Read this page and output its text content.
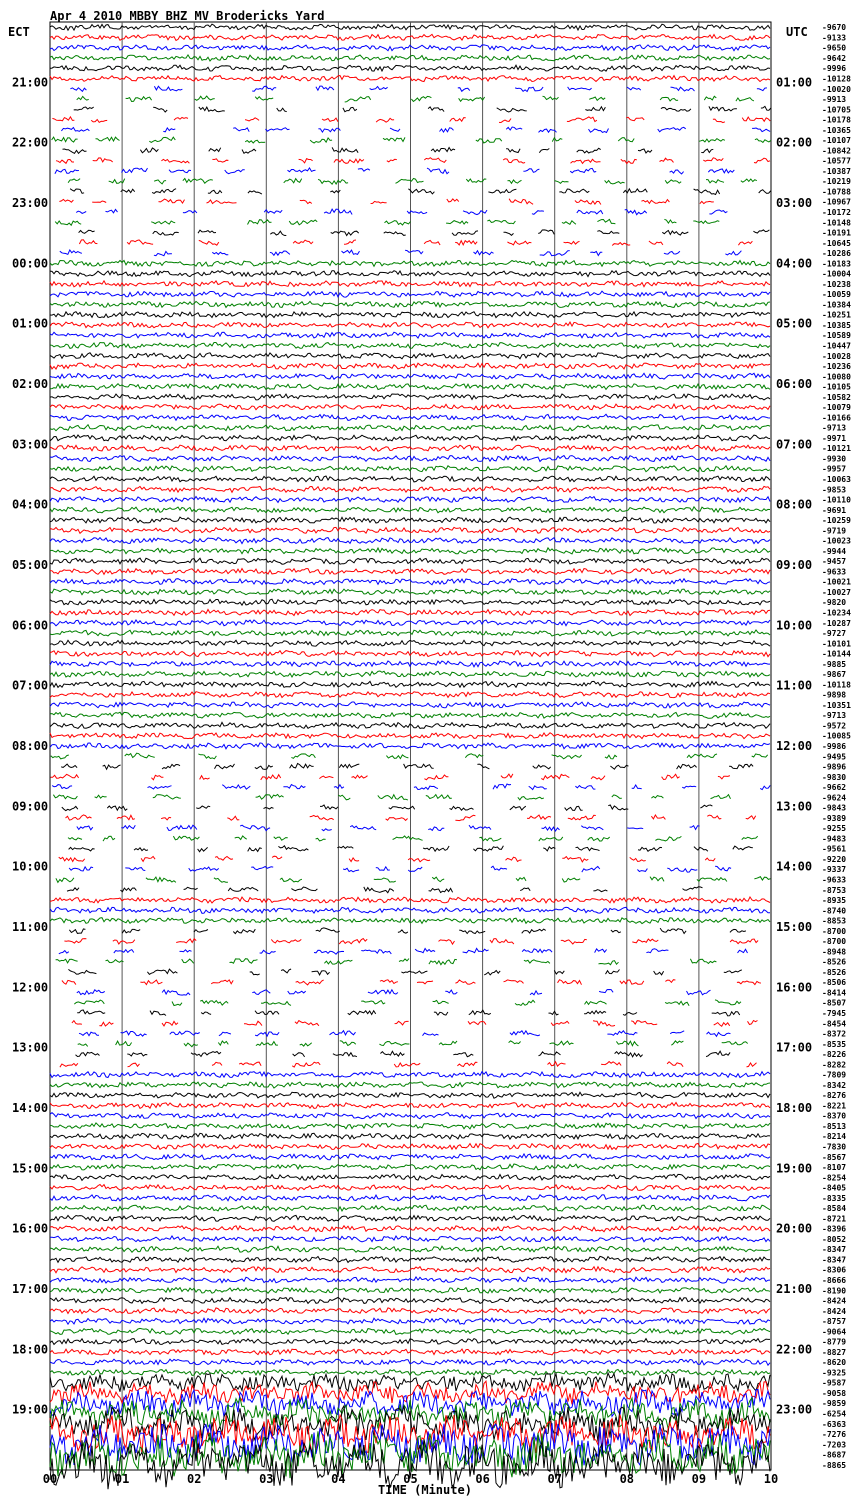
Apr 4 2010 MBBY BHZ MV Brodericks Yard
ECT	UTC
TIME (Minute)
-9670
-9133
-9650
-9642
-9996
-10128
-10020
-9913
-10705
-10178
-10365
-10107
-10842
-10577
-10387
-10219
-10788
-10967
-10172
-10148
-10191
-10645
-10286
-10183
-10004
-10238
-10059
-10384
-10251
-10385
-10589
-10447
-10028
-10236
-10080
-10105
-10582
-10079
-10166
-9713
-9971
-10121
-9930
-9957
-10063
-9853
-10110
-9691
-10259
-9719
-10023
-9944
-9457
-9633
-10021
-10027
-9820
-10234
-10287
-9727
-10101
-10144
-9885
-9867
-10118
-9898
-10351
-9713
-9572
-10085
-9986
-9495
-9896
-9830
-9662
-9624
-9843
-9389
-9255
-9483
-9561
-9220
-9337
-9633
-8753
-8935
-8740
-8853
-8700
-8700
-8948
-8526
-8526
-8506
-8414
-8507
-7945
-8454
-8372
-8535
-8226
-8282
-7809
-8342
-8276
-8221
-8370
-8513
-8214
-7830
-8567
-8107
-8254
-8405
-8335
-8584
-8721
-8396
-8052
-8347
-8347
-8306
-8666
-8190
-8424
-8424
-8757
-9064
-8779
-8827
-8620
-9325
-9587
-9058
-9859
-6254
-6363
-7276
-7203
-8687
-8865
21:00
22:00
23:00
00:00
01:00
02:00
03:00
04:00
05:00
06:00
07:00
08:00
09:00
10:00
11:00
12:00
13:00
14:00
15:00
16:00
17:00
18:00
19:00
01:00
02:00
03:00
04:00
05:00
06:00
07:00
08:00
09:00
10:00
11:00
12:00
13:00
14:00
15:00
16:00
17:00
18:00
19:00
20:00
21:00
22:00
23:00
00	01	02	03	04	05	06	07	08	09	10
